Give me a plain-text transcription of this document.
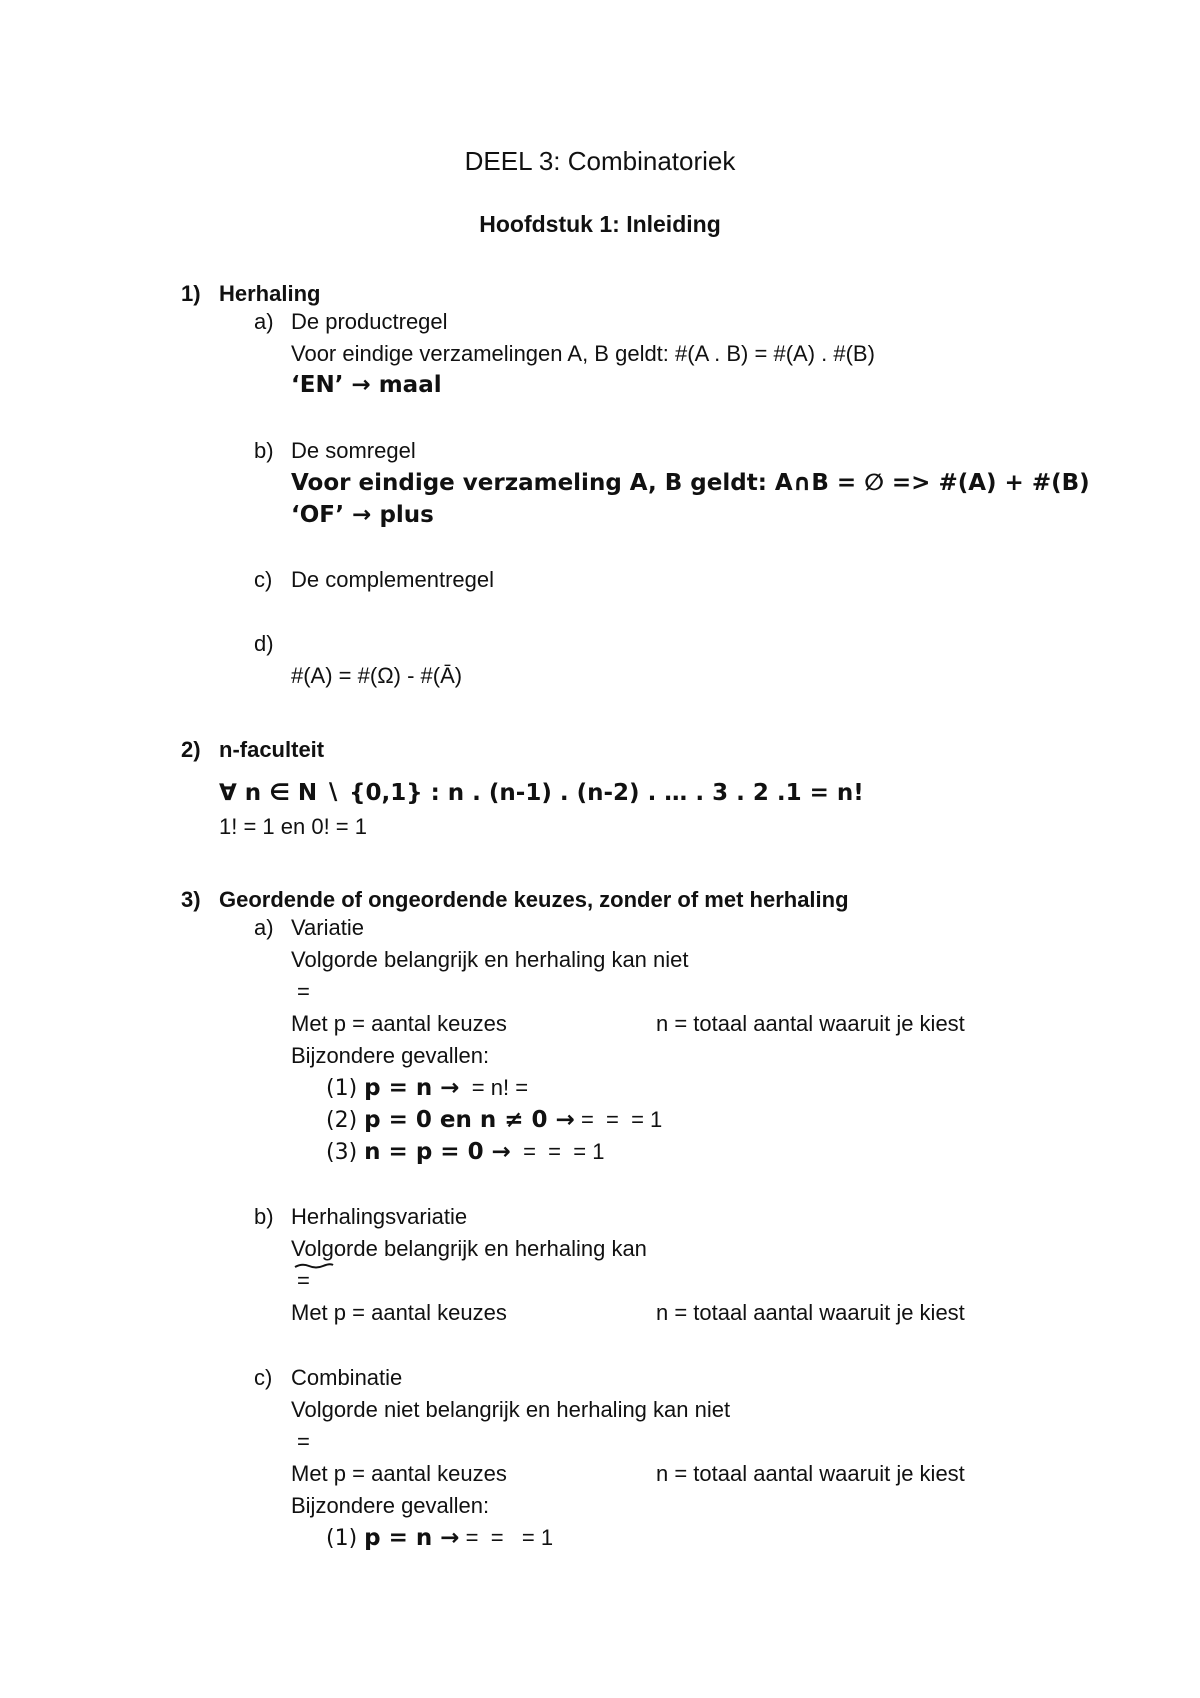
DEEL 3: Combinatoriek
Hoofdstuk 1: Inleiding
1) Herhaling
a) De productregel
Voor eindige verzamelingen A, B geldt: #(A . B) = #(A) . #(B)
‘EN’ → maal
b) De somregel
Voor eindige verzameling A, B geldt: A∩B = ∅ => #(A) + #(B)
‘OF’ → plus
c) De complementregel
d)
#(A) = #(Ω) - #(Ā)
2) n-faculteit
∀ n ∈ N ∖ {0,1} : n . (n-1) . (n-2) . … . 3 . 2 .1 = n!
1! = 1 en 0! = 1
3) Geordende of ongeordende keuzes, zonder of met herhaling
a) Variatie
Volgorde belangrijk en herhaling kan niet
=
Met p = aantal keuzes	n = totaal aantal waaruit je kiest
Bijzondere gevallen:
(1) p = n →  = n! =
(2) p = 0 en n ≠ 0 → =  =  = 1
(3) n = p = 0 →  =  =  = 1
b) Herhalingsvariatie
Volgorde belangrijk en herhaling kan
=
Met p = aantal keuzes	n = totaal aantal waaruit je kiest
c) Combinatie
Volgorde niet belangrijk en herhaling kan niet
=
Met p = aantal keuzes	n = totaal aantal waaruit je kiest
Bijzondere gevallen:
(1) p = n → =  =   = 1
